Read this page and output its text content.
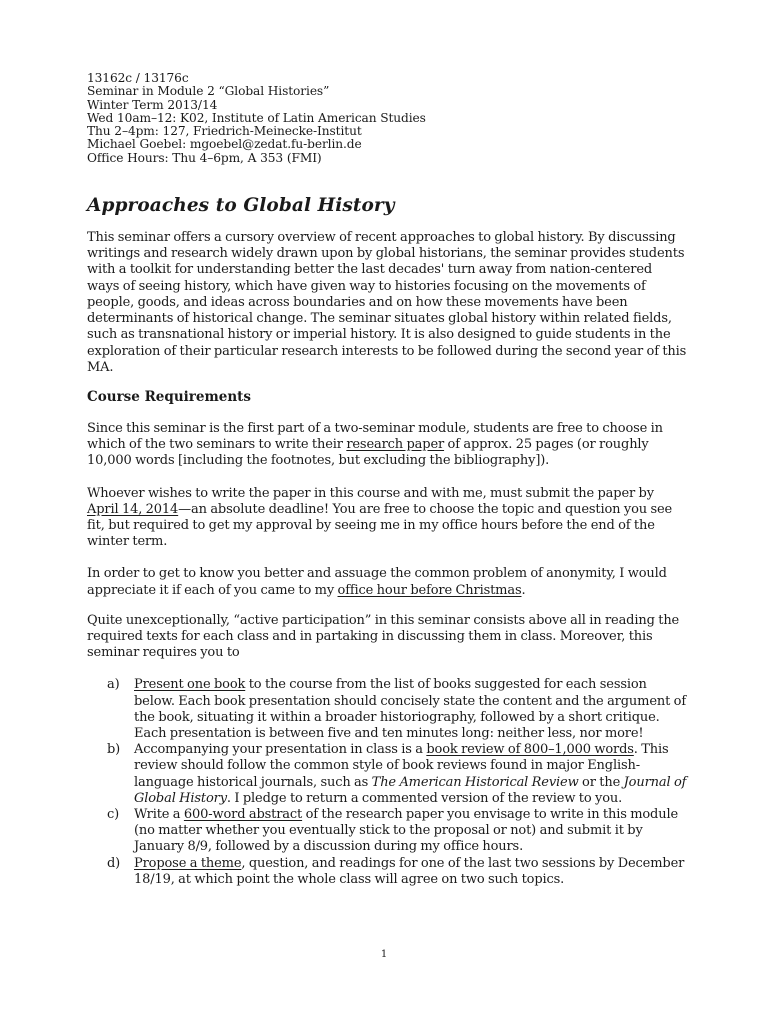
13162c / 13176c
Seminar in Module 2 “Global Histories”
Winter Term 2013/14
Wed 10am–12: K02, Institute of Latin American Studies
Thu 2–4pm: 127, Friedrich-Meinecke-Institut
Michael Goebel: mgoebel@zedat.fu-berlin.de
Office Hours: Thu 4–6pm, A 353 (FMI)
Approaches to Global History
This seminar offers a cursory overview of recent approaches to global history. By discussing writings and research widely drawn upon by global historians, the seminar provides students with a toolkit for understanding better the last decades' turn away from nation-centered ways of seeing history, which have given way to histories focusing on the movements of people, goods, and ideas across boundaries and on how these movements have been determinants of historical change. The seminar situates global history within related fields, such as transnational history or imperial history. It is also designed to guide students in the exploration of their particular research interests to be followed during the second year of this MA.
Course Requirements
Since this seminar is the first part of a two-seminar module, students are free to choose in which of the two seminars to write their research paper of approx. 25 pages (or roughly 10,000 words [including the footnotes, but excluding the bibliography]).
Whoever wishes to write the paper in this course and with me, must submit the paper by April 14, 2014—an absolute deadline! You are free to choose the topic and question you see fit, but required to get my approval by seeing me in my office hours before the end of the winter term.
In order to get to know you better and assuage the common problem of anonymity, I would appreciate it if each of you came to my office hour before Christmas.
Quite unexceptionally, “active participation” in this seminar consists above all in reading the required texts for each class and in partaking in discussing them in class. Moreover, this seminar requires you to
a)	Present one book to the course from the list of books suggested for each session below. Each book presentation should concisely state the content and the argument of the book, situating it within a broader historiography, followed by a short critique. Each presentation is between five and ten minutes long: neither less, nor more!
b)	Accompanying your presentation in class is a book review of 800–1,000 words. This review should follow the common style of book reviews found in major English-language historical journals, such as The American Historical Review or the Journal of Global History. I pledge to return a commented version of the review to you.
c)	Write a 600-word abstract of the research paper you envisage to write in this module (no matter whether you eventually stick to the proposal or not) and submit it by January 8/9, followed by a discussion during my office hours.
d)	Propose a theme, question, and readings for one of the last two sessions by December 18/19, at which point the whole class will agree on two such topics.
1
